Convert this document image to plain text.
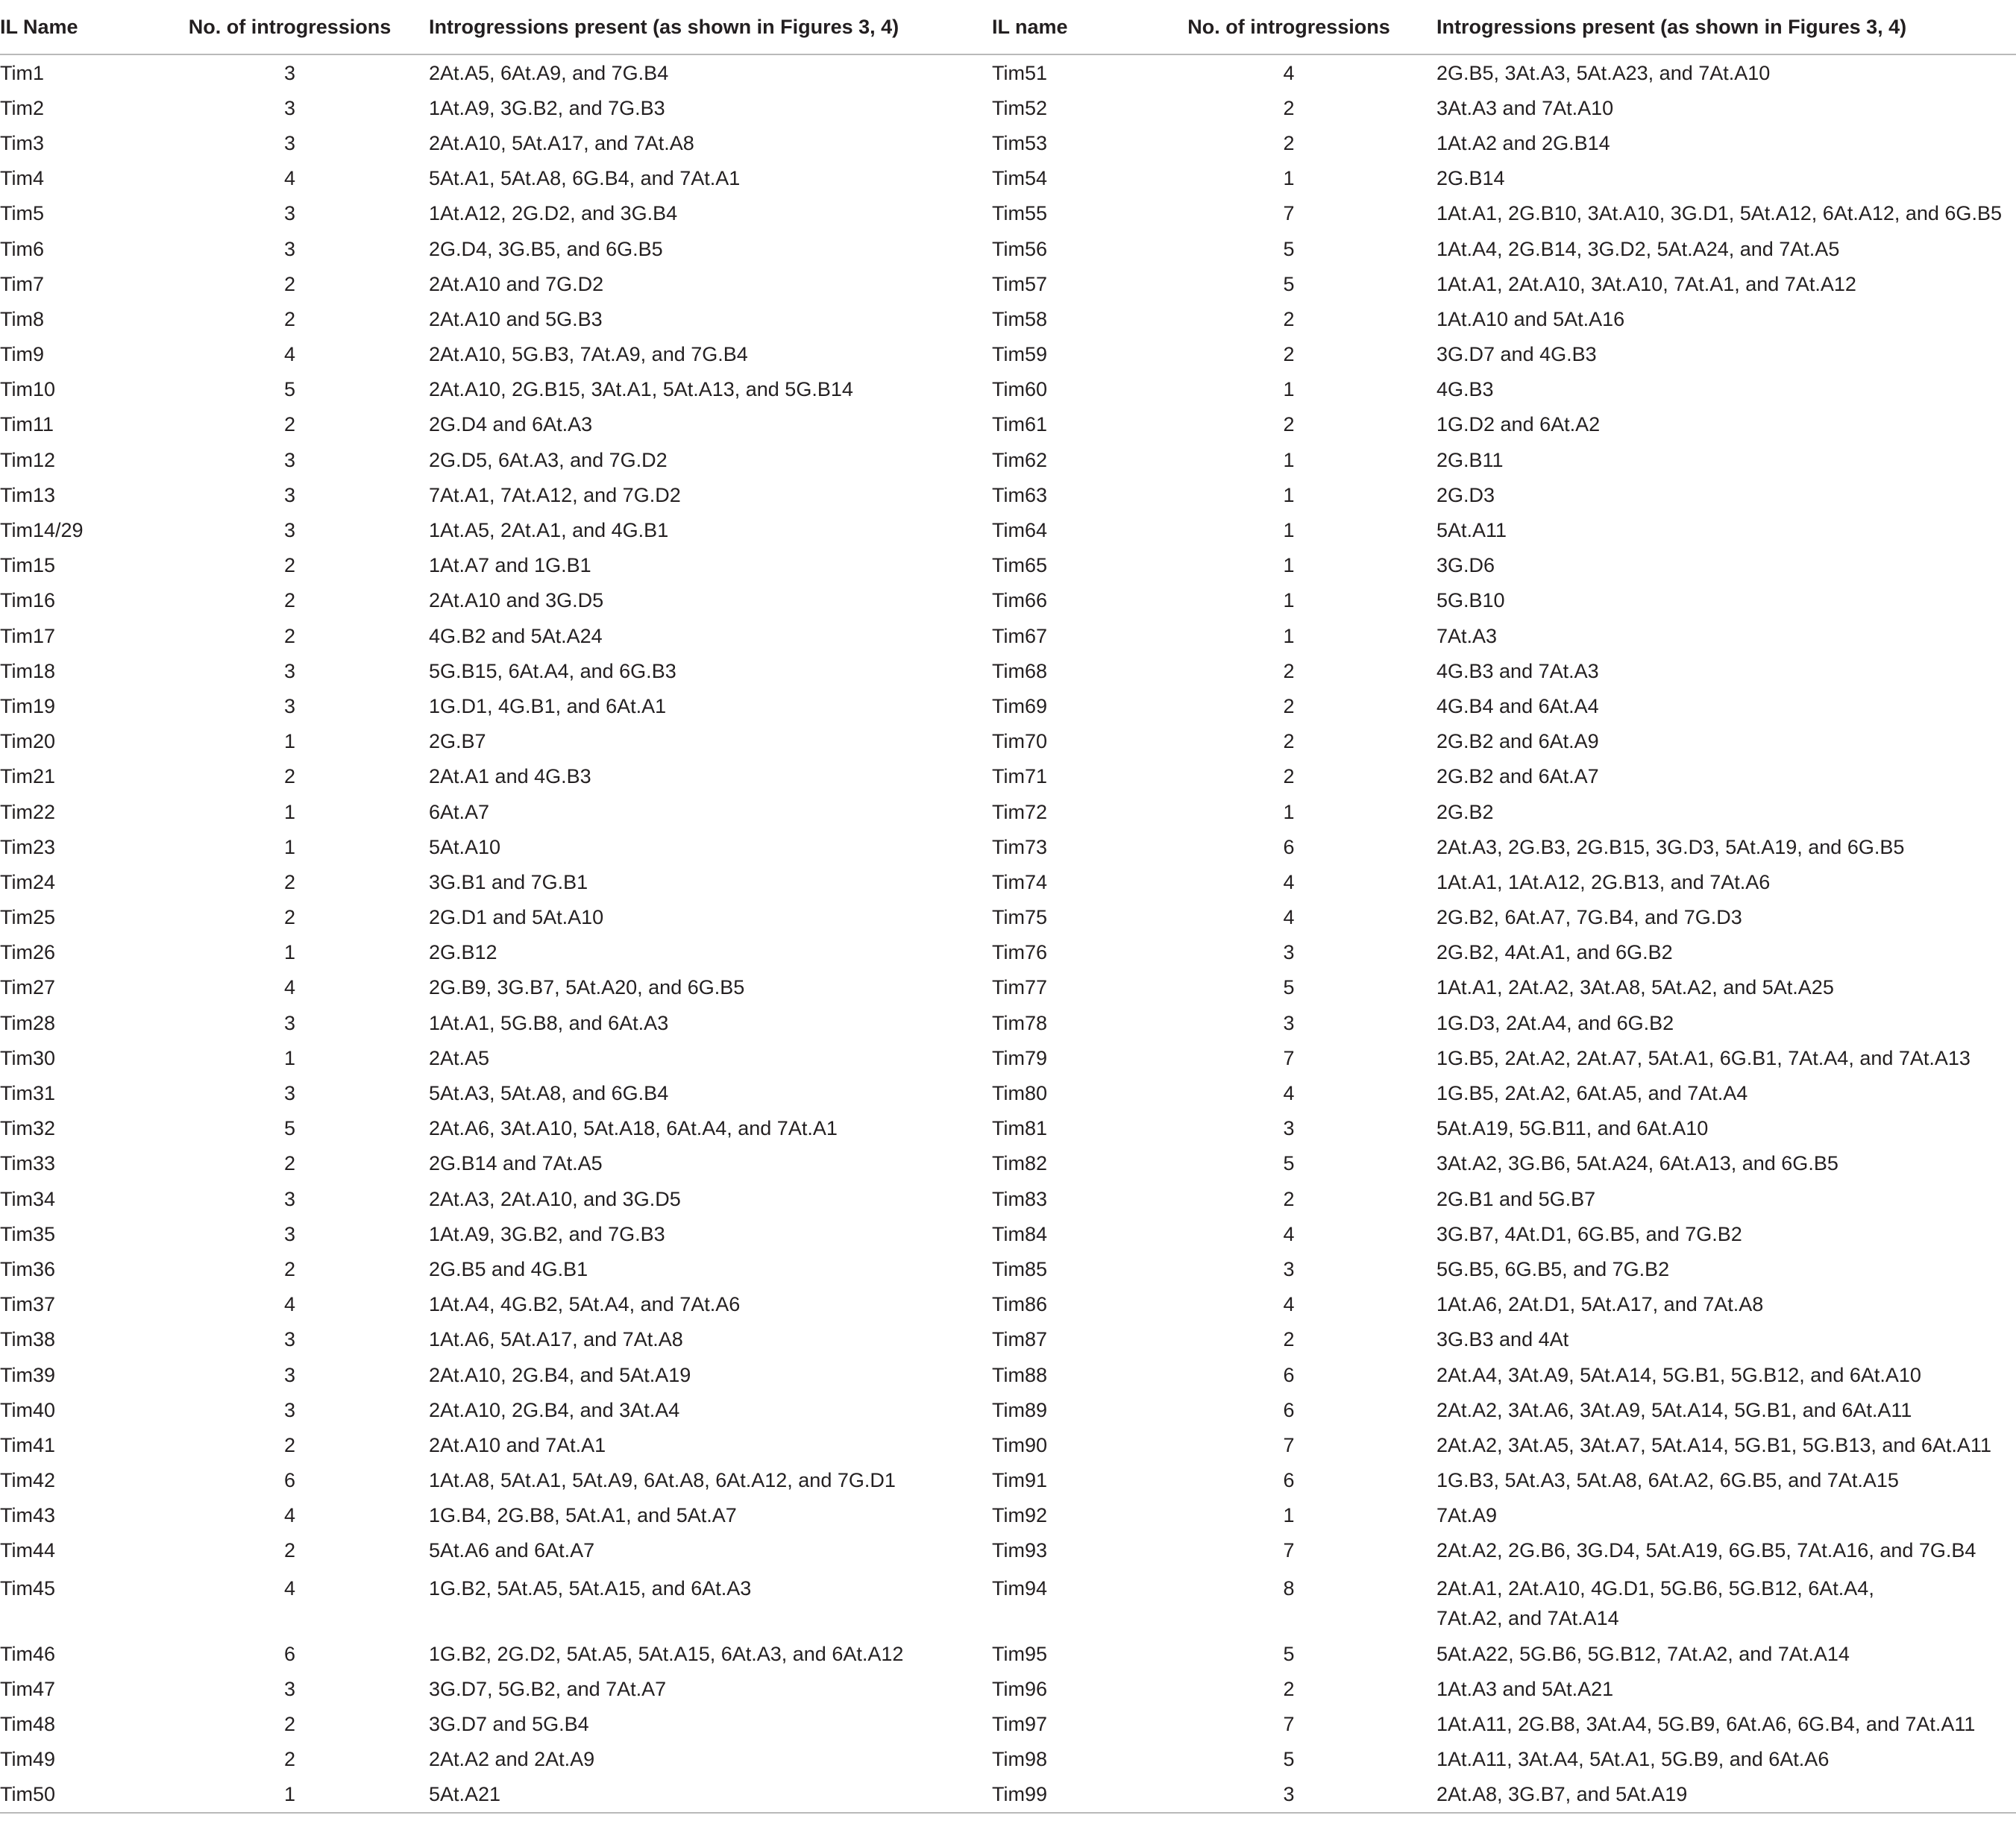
IL Name	No. of introgressions	Introgressions present (as shown in Figures 3, 4)	IL name	No. of introgressions	Introgressions present (as shown in Figures 3, 4)
Tim1	3	2At.A5, 6At.A9, and 7G.B4	Tim51	4	2G.B5, 3At.A3, 5At.A23, and 7At.A10
Tim2	3	1At.A9, 3G.B2, and 7G.B3	Tim52	2	3At.A3 and 7At.A10
Tim3	3	2At.A10, 5At.A17, and 7At.A8	Tim53	2	1At.A2 and 2G.B14
Tim4	4	5At.A1, 5At.A8, 6G.B4, and 7At.A1	Tim54	1	2G.B14
Tim5	3	1At.A12, 2G.D2, and 3G.B4	Tim55	7	1At.A1, 2G.B10, 3At.A10, 3G.D1, 5At.A12, 6At.A12, and 6G.B5
Tim6	3	2G.D4, 3G.B5, and 6G.B5	Tim56	5	1At.A4, 2G.B14, 3G.D2, 5At.A24, and 7At.A5
Tim7	2	2At.A10 and 7G.D2	Tim57	5	1At.A1, 2At.A10, 3At.A10, 7At.A1, and 7At.A12
Tim8	2	2At.A10 and 5G.B3	Tim58	2	1At.A10 and 5At.A16
Tim9	4	2At.A10, 5G.B3, 7At.A9, and 7G.B4	Tim59	2	3G.D7 and 4G.B3
Tim10	5	2At.A10, 2G.B15, 3At.A1, 5At.A13, and 5G.B14	Tim60	1	4G.B3
Tim11	2	2G.D4 and 6At.A3	Tim61	2	1G.D2 and 6At.A2
Tim12	3	2G.D5, 6At.A3, and 7G.D2	Tim62	1	2G.B11
Tim13	3	7At.A1, 7At.A12, and 7G.D2	Tim63	1	2G.D3
Tim14/29	3	1At.A5, 2At.A1, and 4G.B1	Tim64	1	5At.A11
Tim15	2	1At.A7 and 1G.B1	Tim65	1	3G.D6
Tim16	2	2At.A10 and 3G.D5	Tim66	1	5G.B10
Tim17	2	4G.B2 and 5At.A24	Tim67	1	7At.A3
Tim18	3	5G.B15, 6At.A4, and 6G.B3	Tim68	2	4G.B3 and 7At.A3
Tim19	3	1G.D1, 4G.B1, and 6At.A1	Tim69	2	4G.B4 and 6At.A4
Tim20	1	2G.B7	Tim70	2	2G.B2 and 6At.A9
Tim21	2	2At.A1 and 4G.B3	Tim71	2	2G.B2 and 6At.A7
Tim22	1	6At.A7	Tim72	1	2G.B2
Tim23	1	5At.A10	Tim73	6	2At.A3, 2G.B3, 2G.B15, 3G.D3, 5At.A19, and 6G.B5
Tim24	2	3G.B1 and 7G.B1	Tim74	4	1At.A1, 1At.A12, 2G.B13, and 7At.A6
Tim25	2	2G.D1 and 5At.A10	Tim75	4	2G.B2, 6At.A7, 7G.B4, and 7G.D3
Tim26	1	2G.B12	Tim76	3	2G.B2, 4At.A1, and 6G.B2
Tim27	4	2G.B9, 3G.B7, 5At.A20, and 6G.B5	Tim77	5	1At.A1, 2At.A2, 3At.A8, 5At.A2, and 5At.A25
Tim28	3	1At.A1, 5G.B8, and 6At.A3	Tim78	3	1G.D3, 2At.A4, and 6G.B2
Tim30	1	2At.A5	Tim79	7	1G.B5, 2At.A2, 2At.A7, 5At.A1, 6G.B1, 7At.A4, and 7At.A13
Tim31	3	5At.A3, 5At.A8, and 6G.B4	Tim80	4	1G.B5, 2At.A2, 6At.A5, and 7At.A4
Tim32	5	2At.A6, 3At.A10, 5At.A18, 6At.A4, and 7At.A1	Tim81	3	5At.A19, 5G.B11, and 6At.A10
Tim33	2	2G.B14 and 7At.A5	Tim82	5	3At.A2, 3G.B6, 5At.A24, 6At.A13, and 6G.B5
Tim34	3	2At.A3, 2At.A10, and 3G.D5	Tim83	2	2G.B1 and 5G.B7
Tim35	3	1At.A9, 3G.B2, and 7G.B3	Tim84	4	3G.B7, 4At.D1, 6G.B5, and 7G.B2
Tim36	2	2G.B5 and 4G.B1	Tim85	3	5G.B5, 6G.B5, and 7G.B2
Tim37	4	1At.A4, 4G.B2, 5At.A4, and 7At.A6	Tim86	4	1At.A6, 2At.D1, 5At.A17, and 7At.A8
Tim38	3	1At.A6, 5At.A17, and 7At.A8	Tim87	2	3G.B3 and 4At
Tim39	3	2At.A10, 2G.B4, and 5At.A19	Tim88	6	2At.A4, 3At.A9, 5At.A14, 5G.B1, 5G.B12, and 6At.A10
Tim40	3	2At.A10, 2G.B4, and 3At.A4	Tim89	6	2At.A2, 3At.A6, 3At.A9, 5At.A14, 5G.B1, and 6At.A11
Tim41	2	2At.A10 and 7At.A1	Tim90	7	2At.A2, 3At.A5, 3At.A7, 5At.A14, 5G.B1, 5G.B13, and 6At.A11
Tim42	6	1At.A8, 5At.A1, 5At.A9, 6At.A8, 6At.A12, and 7G.D1	Tim91	6	1G.B3, 5At.A3, 5At.A8, 6At.A2, 6G.B5, and 7At.A15
Tim43	4	1G.B4, 2G.B8, 5At.A1, and 5At.A7	Tim92	1	7At.A9
Tim44	2	5At.A6 and 6At.A7	Tim93	7	2At.A2, 2G.B6, 3G.D4, 5At.A19, 6G.B5, 7At.A16, and 7G.B4
Tim45	4	1G.B2, 5At.A5, 5At.A15, and 6At.A3	Tim94	8	2At.A1, 2At.A10, 4G.D1, 5G.B6, 5G.B12, 6At.A4,
7At.A2, and 7At.A14

Tim46	6	1G.B2, 2G.D2, 5At.A5, 5At.A15, 6At.A3, and 6At.A12	Tim95	5	5At.A22, 5G.B6, 5G.B12, 7At.A2, and 7At.A14
Tim47	3	3G.D7, 5G.B2, and 7At.A7	Tim96	2	1At.A3 and 5At.A21
Tim48	2	3G.D7 and 5G.B4	Tim97	7	1At.A11, 2G.B8, 3At.A4, 5G.B9, 6At.A6, 6G.B4, and 7At.A11
Tim49	2	2At.A2 and 2At.A9	Tim98	5	1At.A11, 3At.A4, 5At.A1, 5G.B9, and 6At.A6
Tim50	1	5At.A21	Tim99	3	2At.A8, 3G.B7, and 5At.A19
